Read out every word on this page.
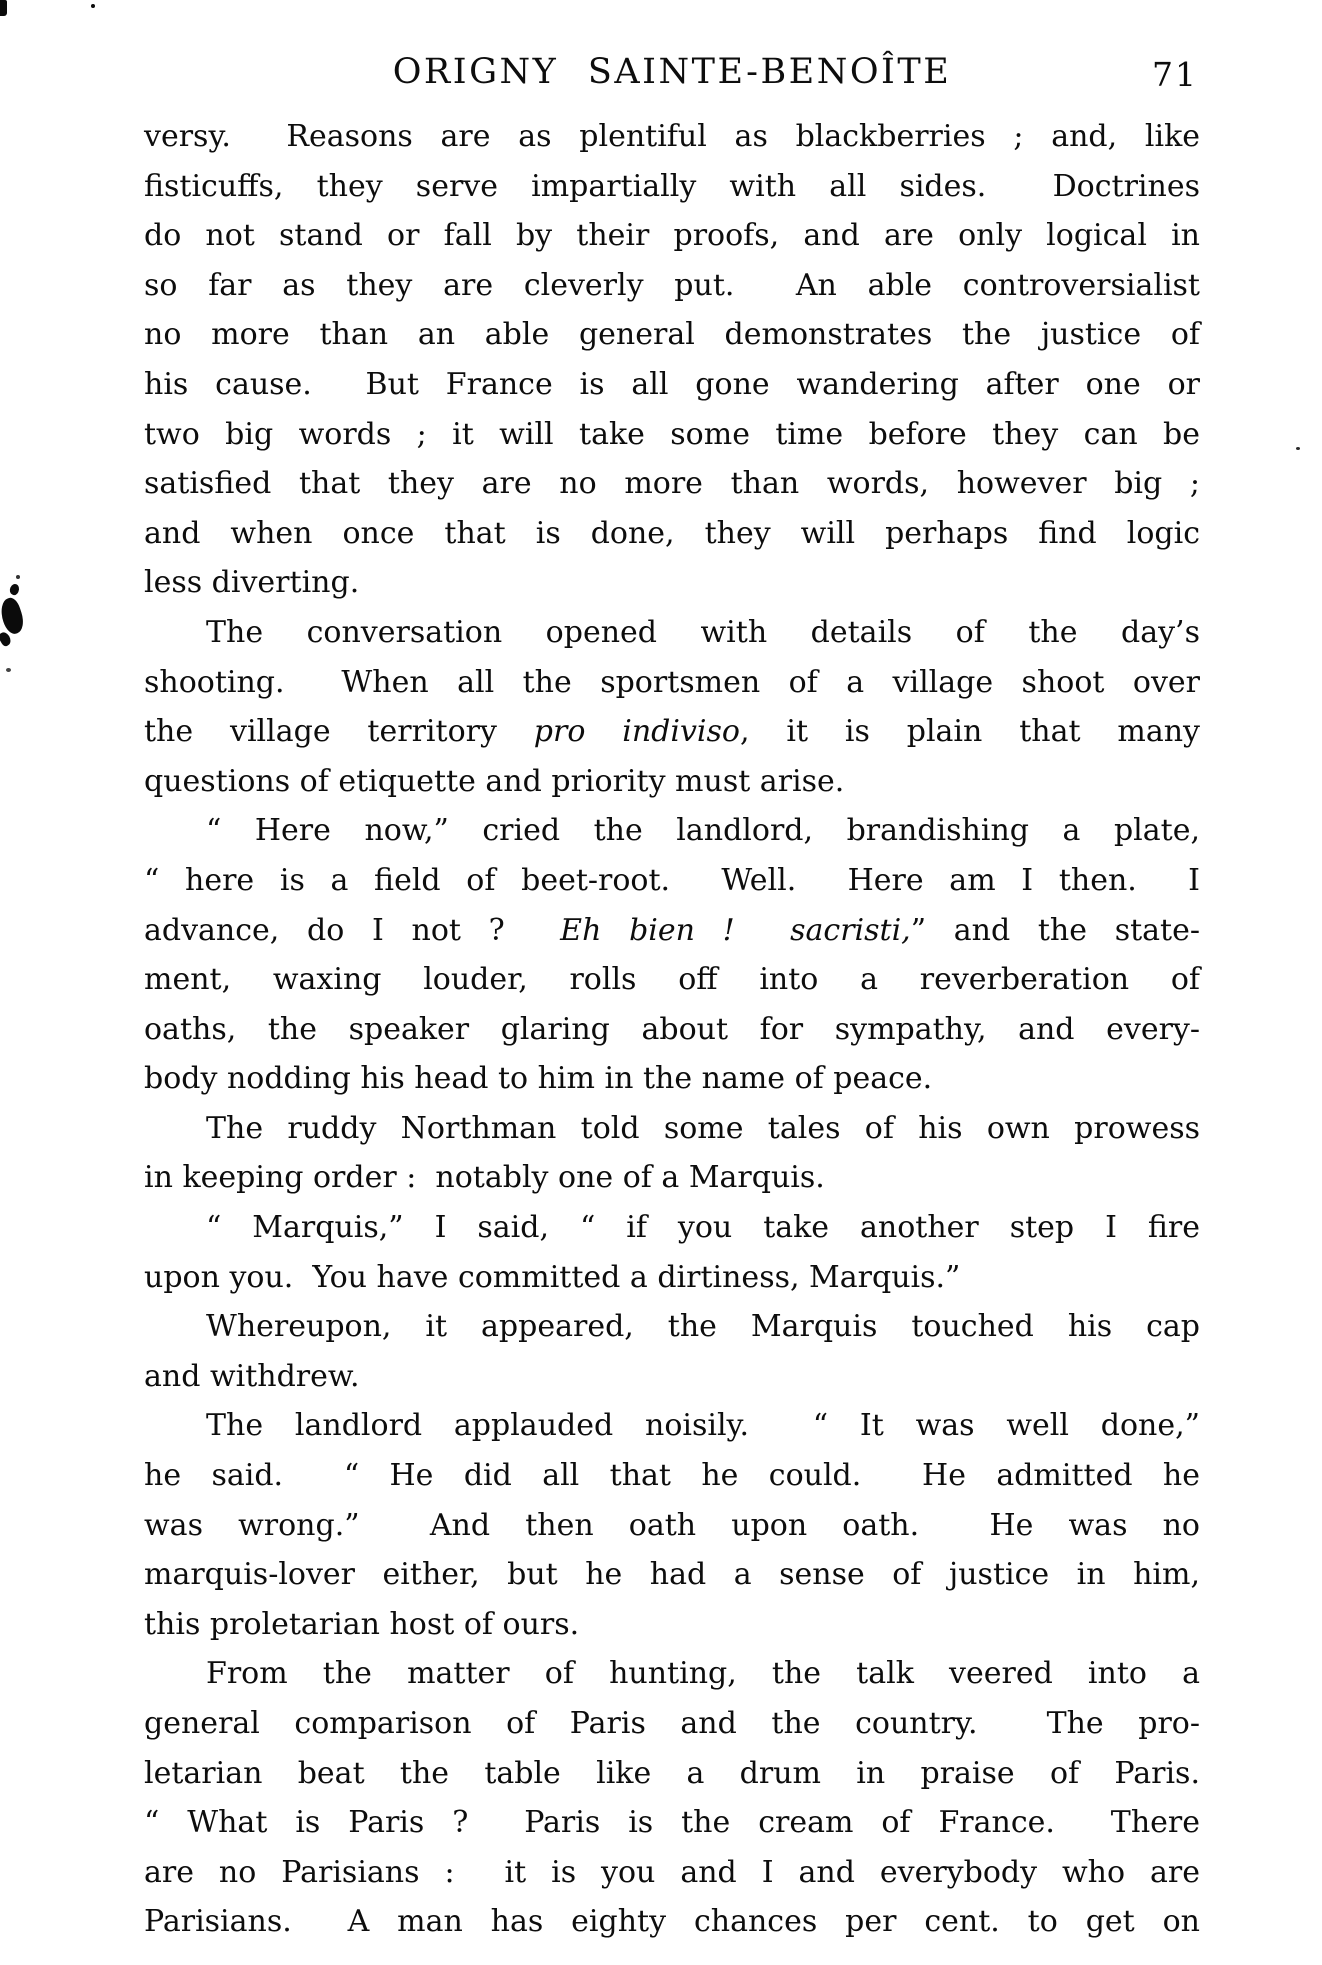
ORIGNY SAINTE-BENOÎTE	71
versy.  Reasons are as plentiful as blackberries ; and, like
fisticuffs, they serve impartially with all sides.  Doctrines
do not stand or fall by their proofs, and are only logical in
so far as they are cleverly put.  An able controversialist
no more than an able general demonstrates the justice of
his cause.  But France is all gone wandering after one or
two big words ; it will take some time before they can be
satisfied that they are no more than words, however big ;
and when once that is done, they will perhaps find logic
less diverting.
The conversation opened with details of the day’s
shooting.  When all the sportsmen of a village shoot over
the village territory pro indiviso, it is plain that many
questions of etiquette and priority must arise.
“ Here now,” cried the landlord, brandishing a plate,
“ here is a field of beet-root.  Well.  Here am I then.  I
advance, do I not ?  Eh bien !  sacristi,” and the state-
ment, waxing louder, rolls off into a reverberation of
oaths, the speaker glaring about for sympathy, and every-
body nodding his head to him in the name of peace.
The ruddy Northman told some tales of his own prowess
in keeping order :  notably one of a Marquis.
“ Marquis,” I said, “ if you take another step I fire
upon you.  You have committed a dirtiness, Marquis.”
Whereupon, it appeared, the Marquis touched his cap
and withdrew.
The landlord applauded noisily.  “ It was well done,”
he said.  “ He did all that he could.  He admitted he
was wrong.”  And then oath upon oath.  He was no
marquis-lover either, but he had a sense of justice in him,
this proletarian host of ours.
From the matter of hunting, the talk veered into a
general comparison of Paris and the country.  The pro-
letarian beat the table like a drum in praise of Paris.
“ What is Paris ?  Paris is the cream of France.  There
are no Parisians :  it is you and I and everybody who are
Parisians.  A man has eighty chances per cent. to get on
